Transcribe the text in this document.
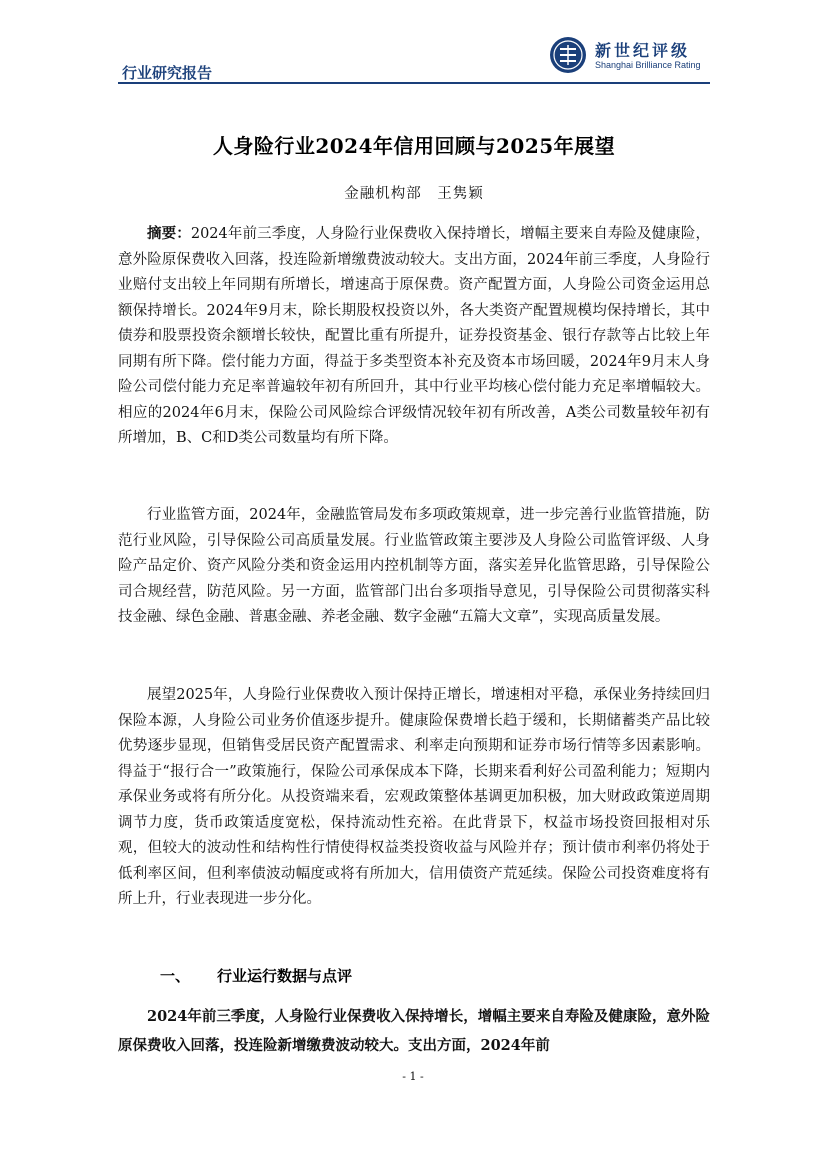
行业研究报告
新世纪评级
Shanghai Brilliance Rating
人身险行业2024年信用回顾与2025年展望
金融机构部　王隽颖

摘要：2024年前三季度，人身险行业保费收入保持增长，增幅主要来自寿险及健康险，意外险原保费收入回落，投连险新增缴费波动较大。支出方面，2024年前三季度，人身险行业赔付支出较上年同期有所增长，增速高于原保费。资产配置方面，人身险公司资金运用总额保持增长。2024年9月末，除长期股权投资以外，各大类资产配置规模均保持增长，其中债券和股票投资余额增长较快，配置比重有所提升，证券投资基金、银行存款等占比较上年同期有所下降。偿付能力方面，得益于多类型资本补充及资本市场回暖，2024年9月末人身险公司偿付能力充足率普遍较年初有所回升，其中行业平均核心偿付能力充足率增幅较大。相应的2024年6月末，保险公司风险综合评级情况较年初有所改善，A类公司数量较年初有所增加，B、C和D类公司数量均有所下降。

行业监管方面，2024年，金融监管局发布多项政策规章，进一步完善行业监管措施，防范行业风险，引导保险公司高质量发展。行业监管政策主要涉及人身险公司监管评级、人身险产品定价、资产风险分类和资金运用内控机制等方面，落实差异化监管思路，引导保险公司合规经营，防范风险。另一方面，监管部门出台多项指导意见，引导保险公司贯彻落实科技金融、绿色金融、普惠金融、养老金融、数字金融“五篇大文章”，实现高质量发展。

展望2025年，人身险行业保费收入预计保持正增长，增速相对平稳，承保业务持续回归保险本源，人身险公司业务价值逐步提升。健康险保费增长趋于缓和，长期储蓄类产品比较优势逐步显现，但销售受居民资产配置需求、利率走向预期和证券市场行情等多因素影响。得益于“报行合一”政策施行，保险公司承保成本下降，长期来看利好公司盈利能力；短期内承保业务或将有所分化。从投资端来看，宏观政策整体基调更加积极，加大财政政策逆周期调节力度，货币政策适度宽松，保持流动性充裕。在此背景下，权益市场投资回报相对乐观，但较大的波动性和结构性行情使得权益类投资收益与风险并存；预计债市利率仍将处于低利率区间，但利率债波动幅度或将有所加大，信用债资产荒延续。保险公司投资难度将有所上升，行业表现进一步分化。

一、 行业运行数据与点评

2024年前三季度，人身险行业保费收入保持增长，增幅主要来自寿险及健康险，意外险原保费收入回落，投连险新增缴费波动较大。支出方面，2024年前

- 1 -
